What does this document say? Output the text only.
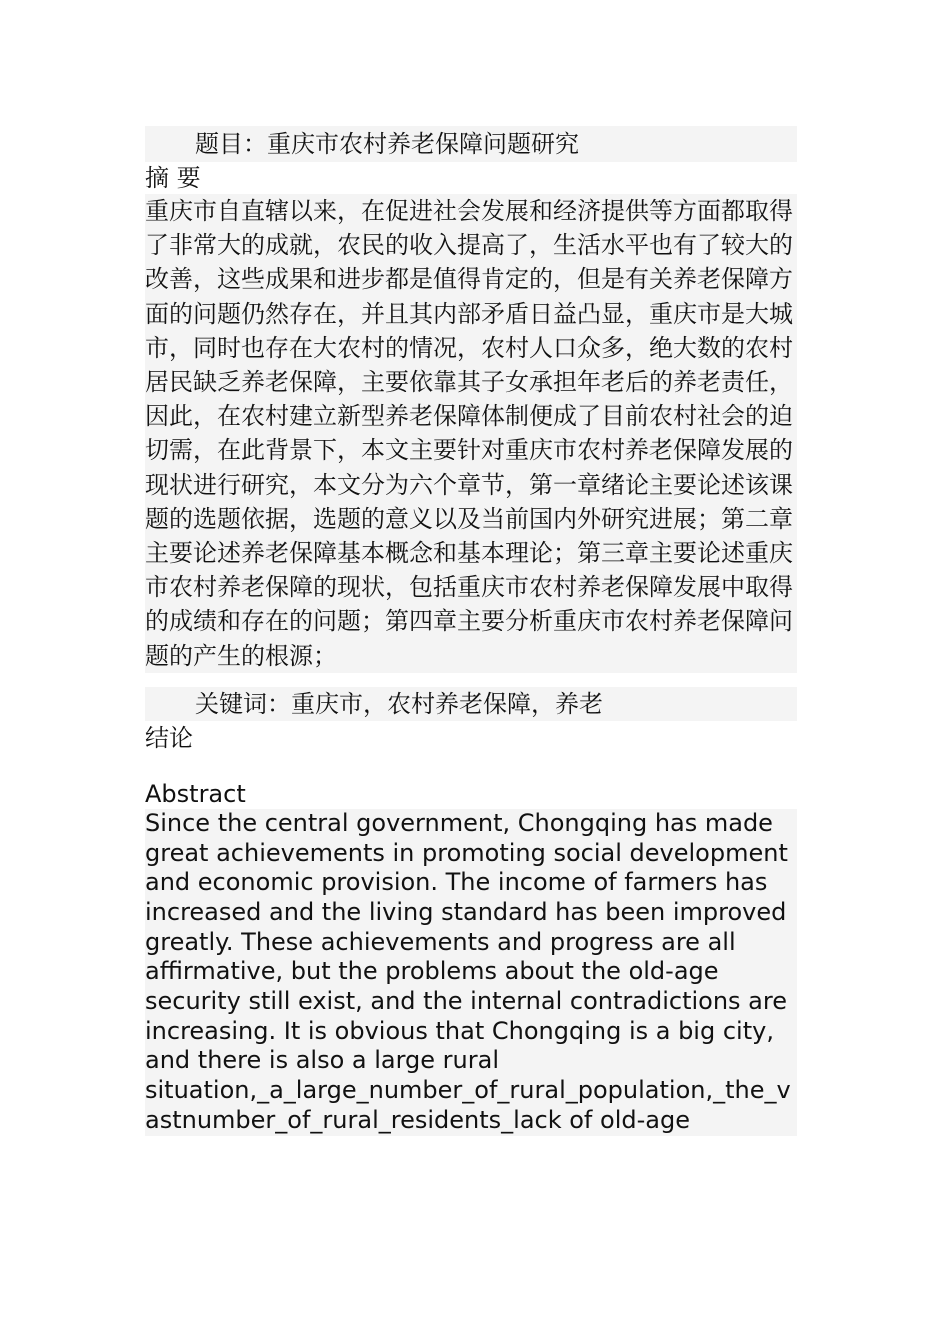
题目：重庆市农村养老保障问题研究

摘 要

重庆市自直辖以来，在促进社会发展和经济提供等方面都取得了非常大的成就，农民的收入提高了，生活水平也有了较大的改善，这些成果和进步都是值得肯定的，但是有关养老保障方面的问题仍然存在，并且其内部矛盾日益凸显，重庆市是大城市，同时也存在大农村的情况，农村人口众多，绝大数的农村居民缺乏养老保障，主要依靠其子女承担年老后的养老责任，因此，在农村建立新型养老保障体制便成了目前农村社会的迫切需，在此背景下，本文主要针对重庆市农村养老保障发展的现状进行研究，本文分为六个章节，第一章绪论主要论述该课题的选题依据，选题的意义以及当前国内外研究进展；第二章主要论述养老保障基本概念和基本理论；第三章主要论述重庆市农村养老保障的现状，包括重庆市农村养老保障发展中取得的成绩和存在的问题；第四章主要分析重庆市农村养老保障问题的产生的根源；

关键词：重庆市，农村养老保障，养老

结论

Abstract

Since the central government, Chongqing has made great achievements in promoting social development and economic provision. The income of farmers has increased and the living standard has been improved greatly. These achievements and progress are all affirmative, but the problems about the old-age security still exist, and the internal contradictions are increasing. It is obvious that Chongqing is a big city, and there is also a large rural situation,_a_large_number_of_rural_population,_the_vastnumber_of_rural_residents_lack of old-age
